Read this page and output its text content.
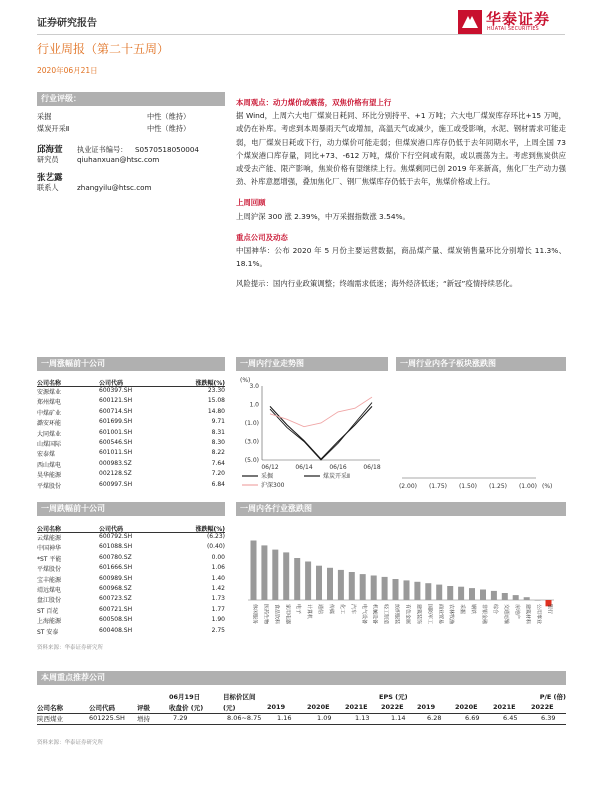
证券研究报告	华泰证券
HUATAI SECURITIES
行业周报（第二十五周）
2020年06月21日
行业评级：
采掘	中性（维持）
煤炭开采Ⅱ	中性（维持）
邱海萱 执业证书编号： S0570518050004
研究员	qiuhanxuan@htsc.com
张艺露
联系人	zhangyilu@htsc.com
本周观点：动力煤价或震荡，双焦价格有望上行
据 Wind，上周六大电厂煤炭日耗同、环比分别持平、+1 万吨；六大电厂煤炭库存环比+15 万吨，或仍在补库。考虑到本周暴雨天气或增加，高温天气或减少，施工或受影响，水泥、钢材需求可能走弱，电厂煤炭日耗或下行，动力煤价可能走弱；但煤炭港口库存仍低于去年同期水平，上周全国 73 个煤炭港口库存量，同比+73、-612 万吨，煤价下行空间或有限，或以震荡为主。考虑到焦炭供应或受去产能、限产影响，焦炭价格有望继续上行。焦煤剩同已创 2019 年来新高，焦化厂生产动力强劲、补库意愿增强，叠加焦化厂、钢厂焦煤库存仍低于去年，焦煤价格或上行。
上周回顾
上周沪深 300 涨 2.39%，中万采掘指数涨 3.54%。
重点公司及动态
中国神华：公布 2020 年 5 月份主要运营数据，商品煤产量、煤炭销售量环比分别增长 11.3%、18.1%。
风险提示：国内行业政策调整；终端需求低迷；海外经济低迷；“新冠”疫情持续恶化。
一周涨幅前十公司
公司名称	公司代码	涨跌幅(%)
安源煤业	600397.SH	23.30
郑州煤电	600121.SH	15.08
中煤矿业	600714.SH	14.80
潞安环能	601699.SH	9.71
大同煤业	601001.SH	8.31
山煤国际	600546.SH	8.30
宏泰煤	601011.SH	8.22
西山煤电	000983.SZ	7.64
昊华能源	002128.SZ	7.20
平煤股份	600997.SH	6.84
一周跌幅前十公司
公司名称	公司代码	涨跌幅(%)
云煤能源	600792.SH	(6.23)
中国神华	601088.SH	(0.40)
*ST 平能	600780.SZ	0.00
平煤股份	601666.SH	1.06
宝丰能源	600989.SH	1.40
靖远煤电	600968.SZ	1.42
盘江股份	600723.SZ	1.73
ST 百花	600721.SH	1.77
上海能源	600508.SH	1.90
ST 安泰	600408.SH	2.75
资料来源：华泰证券研究所
一周内行业走势图
(%)
3.0
1.0
(1.0)
(3.0)
(5.0)
06/12	06/14	06/16	06/18
采掘	煤炭开采Ⅱ
沪深300
一周行业内各子板块涨跌图
(2.00) (1.75) (1.50) (1.25) (1.00) (%)
一周内各行业涨跌图
休闲服务 医药生物 食品饮料 家用电器 电子 计算机 通信 传媒 化工 汽车 电气设备 机械设备 轻工制造 纺织服装 有色金属 建筑装饰 国防军工 商业贸易 农林牧渔 采掘 钢铁 非银金融 综合 交通运输 房地产 建筑材料 公用事业 银行
本周重点推荐公司
06月19日	目标价区间	EPS (元)	P/E (倍)
公司名称	公司代码	评级	收盘价 (元)	(元)	2019	2020E 2021E 2022E 2019	2020E 2021E 2022E
陕西煤业	601225.SH 增持	7.29	8.06~8.75 1.16	1.09	1.13	1.14	6.28	6.69	6.45	6.39
资料来源：华泰证券研究所
